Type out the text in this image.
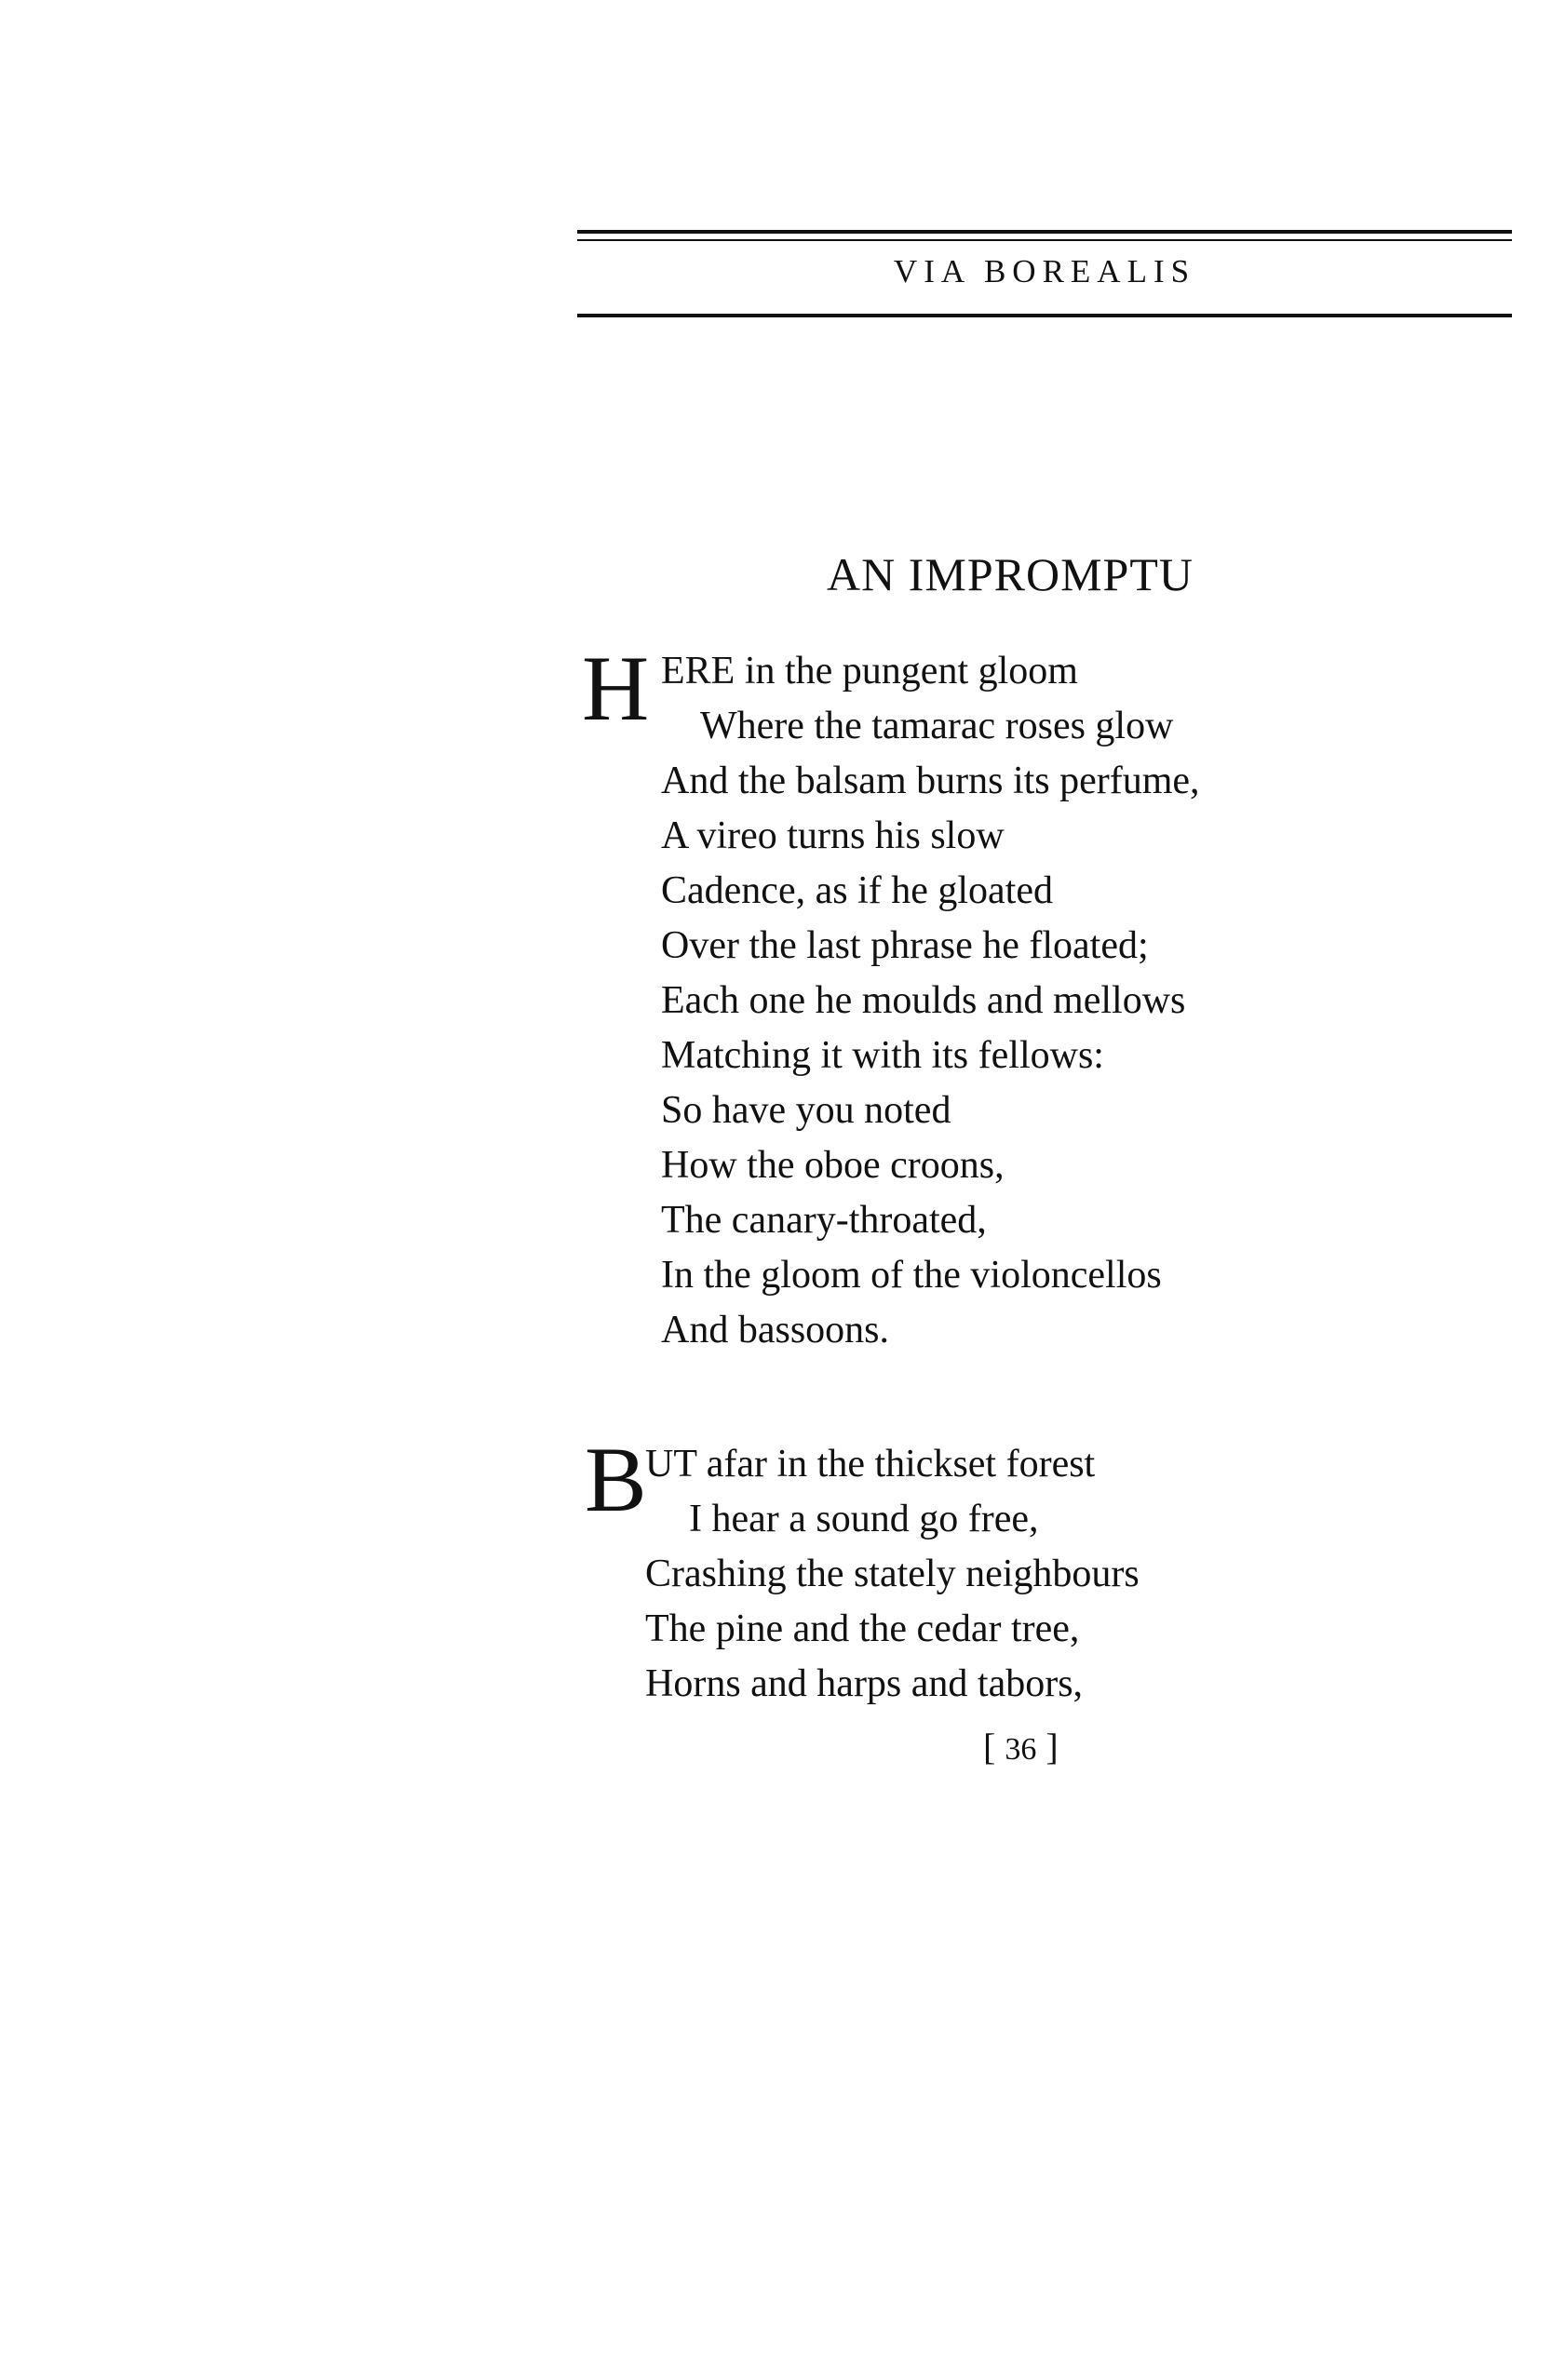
VIA BOREALIS
AN IMPROMPTU
H ERE in the pungent gloom
Where the tamarac roses glow
And the balsam burns its perfume,
A vireo turns his slow
Cadence, as if he gloated
Over the last phrase he floated;
Each one he moulds and mellows
Matching it with its fellows:
So have you noted
How the oboe croons,
The canary-throated,
In the gloom of the violoncellos
And bassoons.
B
UT afar in the thickset forest
I hear a sound go free,
Crashing the stately neighbours
The pine and the cedar tree,
Horns and harps and tabors,
[ 36 ]
